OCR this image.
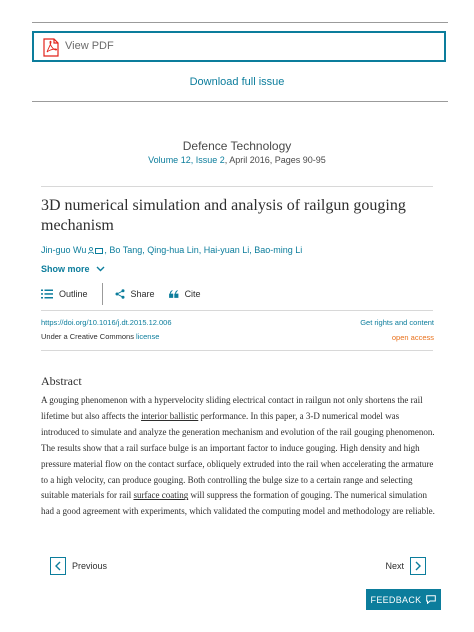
View PDF
Download full issue
Defence Technology
Volume 12, Issue 2, April 2016, Pages 90-95
3D numerical simulation and analysis of railgun gouging
mechanism
Jin-guo Wu , Bo Tang, Qing-hua Lin, Hai-yuan Li, Bao-ming Li
Show more
Outline	Share	Cite
https://doi.org/10.1016/j.dt.2015.12.006	Get rights and content
Under a Creative Commons license	open access
Abstract
A gouging phenomenon with a hypervelocity sliding electrical contact in railgun not only shortens the rail lifetime but also affects the interior ballistic performance. In this paper, a 3-D numerical model was introduced to simulate and analyze the generation mechanism and evolution of the rail gouging phenomenon. The results show that a rail surface bulge is an important factor to induce gouging. High density and high pressure material flow on the contact surface, obliquely extruded into the rail when accelerating the armature to a high velocity, can produce gouging. Both controlling the bulge size to a certain range and selecting suitable materials for rail surface coating will suppress the formation of gouging. The numerical simulation had a good agreement with experiments, which validated the computing model and methodology are reliable.
Previous	Next
FEEDBACK
